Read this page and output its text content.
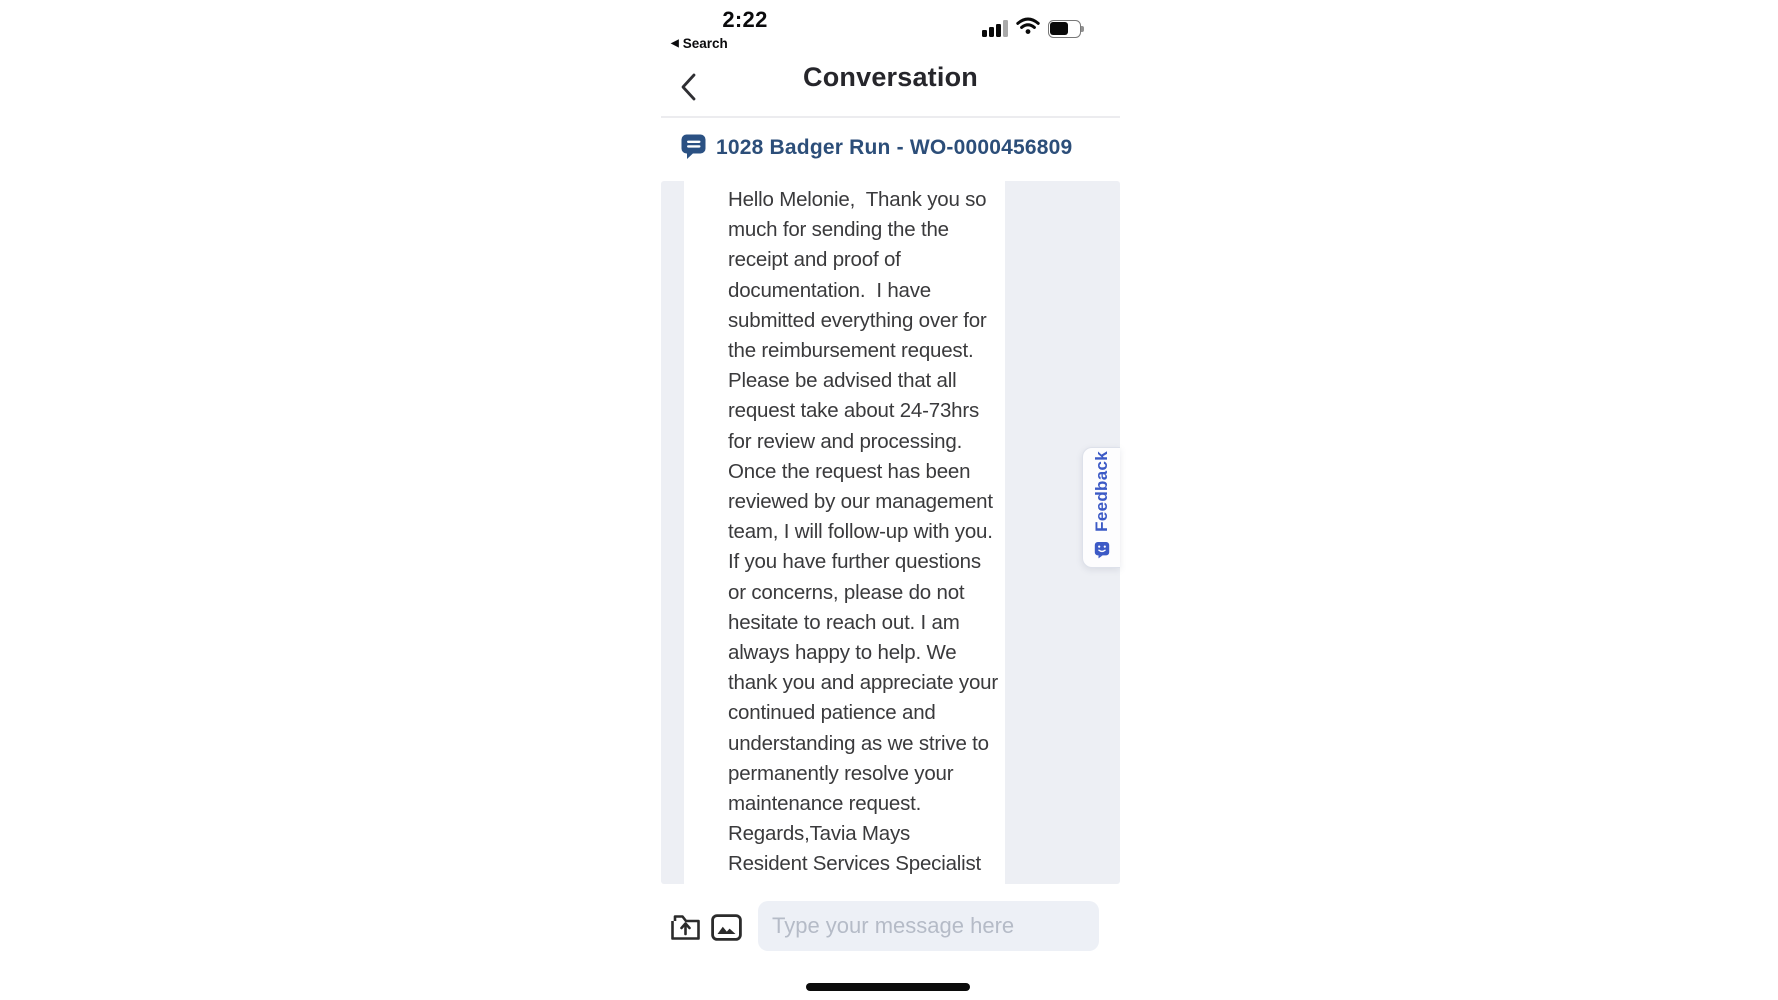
2:22
◀ Search
Conversation
1028 Badger Run - WO-0000456809
Hello Melonie,  Thank you so
much for sending the the
receipt and proof of
documentation.  I have
submitted everything over for
the reimbursement request.
Please be advised that all
request take about 24-73hrs
for review and processing.
Once the request has been
reviewed by our management
team, I will follow-up with you.
If you have further questions
or concerns, please do not
hesitate to reach out. I am
always happy to help. We
thank you and appreciate your
continued patience and
understanding as we strive to
permanently resolve your
maintenance request.
Regards,Tavia Mays
Resident Services Specialist
Feedback
Type your message here
